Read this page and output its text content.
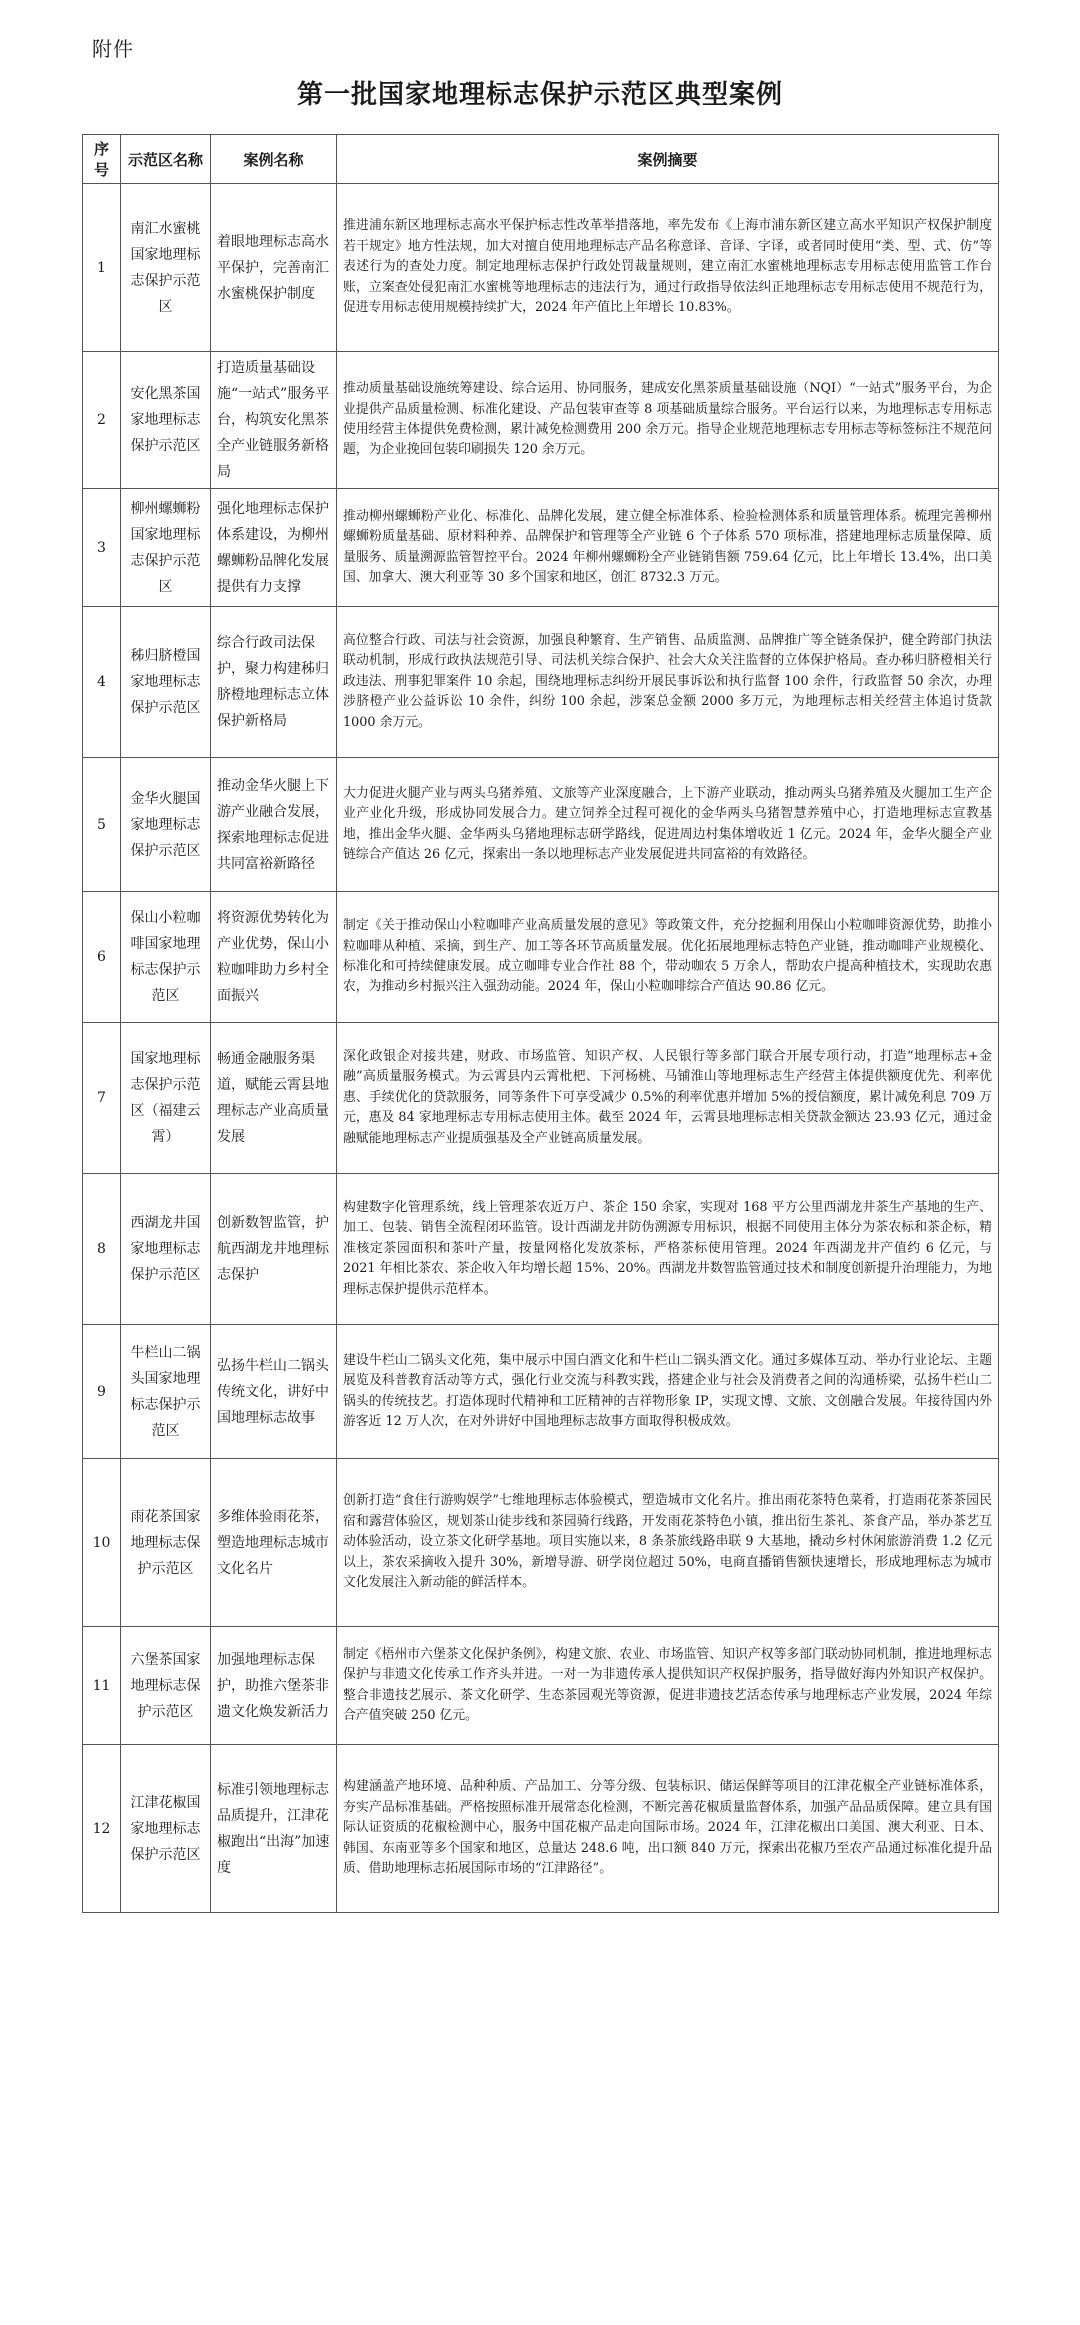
附件
第一批国家地理标志保护示范区典型案例
序号	示范区名称	案例名称	案例摘要
1	南汇水蜜桃国家地理标志保护示范区	着眼地理标志高水平保护，完善南汇水蜜桃保护制度	推进浦东新区地理标志高水平保护标志性改革举措落地，率先发布《上海市浦东新区建立高水平知识产权保护制度若干规定》地方性法规，加大对擅自使用地理标志产品名称意译、音译、字译，或者同时使用“类、型、式、仿”等表述行为的查处力度。制定地理标志保护行政处罚裁量规则，建立南汇水蜜桃地理标志专用标志使用监管工作台账，立案查处侵犯南汇水蜜桃等地理标志的违法行为，通过行政指导依法纠正地理标志专用标志使用不规范行为，促进专用标志使用规模持续扩大，2024 年产值比上年增长 10.83%。
2	安化黑茶国家地理标志保护示范区	打造质量基础设施“一站式”服务平台，构筑安化黑茶全产业链服务新格局	推动质量基础设施统筹建设、综合运用、协同服务，建成安化黑茶质量基础设施（NQI）“一站式”服务平台，为企业提供产品质量检测、标准化建设、产品包装审查等 8 项基础质量综合服务。平台运行以来，为地理标志专用标志使用经营主体提供免费检测，累计减免检测费用 200 余万元。指导企业规范地理标志专用标志等标签标注不规范问题，为企业挽回包装印刷损失 120 余万元。
3	柳州螺蛳粉国家地理标志保护示范区	强化地理标志保护体系建设，为柳州螺蛳粉品牌化发展提供有力支撑	推动柳州螺蛳粉产业化、标准化、品牌化发展，建立健全标准体系、检验检测体系和质量管理体系。梳理完善柳州螺蛳粉质量基础、原材料种养、品牌保护和管理等全产业链 6 个子体系 570 项标准，搭建地理标志质量保障、质量服务、质量溯源监管智控平台。2024 年柳州螺蛳粉全产业链销售额 759.64 亿元，比上年增长 13.4%，出口美国、加拿大、澳大利亚等 30 多个国家和地区，创汇 8732.3 万元。
4	秭归脐橙国家地理标志保护示范区	综合行政司法保护，聚力构建秭归脐橙地理标志立体保护新格局	高位整合行政、司法与社会资源，加强良种繁育、生产销售、品质监测、品牌推广等全链条保护，健全跨部门执法联动机制，形成行政执法规范引导、司法机关综合保护、社会大众关注监督的立体保护格局。查办秭归脐橙相关行政违法、刑事犯罪案件 10 余起，围绕地理标志纠纷开展民事诉讼和执行监督 100 余件，行政监督 50 余次，办理涉脐橙产业公益诉讼 10 余件，纠纷 100 余起，涉案总金额 2000 多万元，为地理标志相关经营主体追讨货款 1000 余万元。
5	金华火腿国家地理标志保护示范区	推动金华火腿上下游产业融合发展，探索地理标志促进共同富裕新路径	大力促进火腿产业与两头乌猪养殖、文旅等产业深度融合，上下游产业联动，推动两头乌猪养殖及火腿加工生产企业产业化升级，形成协同发展合力。建立饲养全过程可视化的金华两头乌猪智慧养殖中心，打造地理标志宣教基地，推出金华火腿、金华两头乌猪地理标志研学路线，促进周边村集体增收近 1 亿元。2024 年，金华火腿全产业链综合产值达 26 亿元，探索出一条以地理标志产业发展促进共同富裕的有效路径。
6	保山小粒咖啡国家地理标志保护示范区	将资源优势转化为产业优势，保山小粒咖啡助力乡村全面振兴	制定《关于推动保山小粒咖啡产业高质量发展的意见》等政策文件，充分挖掘利用保山小粒咖啡资源优势，助推小粒咖啡从种植、采摘，到生产、加工等各环节高质量发展。优化拓展地理标志特色产业链，推动咖啡产业规模化、标准化和可持续健康发展。成立咖啡专业合作社 88 个，带动咖农 5 万余人，帮助农户提高种植技术，实现助农惠农，为推动乡村振兴注入强劲动能。2024 年，保山小粒咖啡综合产值达 90.86 亿元。
7	国家地理标志保护示范区（福建云霄）	畅通金融服务渠道，赋能云霄县地理标志产业高质量发展	深化政银企对接共建，财政、市场监管、知识产权、人民银行等多部门联合开展专项行动，打造“地理标志+金融”高质量服务模式。为云霄县内云霄枇杷、下河杨桃、马铺淮山等地理标志生产经营主体提供额度优先、利率优惠、手续优化的贷款服务，同等条件下可享受减少 0.5%的利率优惠并增加 5%的授信额度，累计减免利息 709 万元，惠及 84 家地理标志专用标志使用主体。截至 2024 年，云霄县地理标志相关贷款金额达 23.93 亿元，通过金融赋能地理标志产业提质强基及全产业链高质量发展。
8	西湖龙井国家地理标志保护示范区	创新数智监管，护航西湖龙井地理标志保护	构建数字化管理系统，线上管理茶农近万户、茶企 150 余家，实现对 168 平方公里西湖龙井茶生产基地的生产、加工、包装、销售全流程闭环监管。设计西湖龙井防伪溯源专用标识，根据不同使用主体分为茶农标和茶企标，精准核定茶园面积和茶叶产量，按量网格化发放茶标，严格茶标使用管理。2024 年西湖龙井产值约 6 亿元，与 2021 年相比茶农、茶企收入年均增长超 15%、20%。西湖龙井数智监管通过技术和制度创新提升治理能力，为地理标志保护提供示范样本。
9	牛栏山二锅头国家地理标志保护示范区	弘扬牛栏山二锅头传统文化，讲好中国地理标志故事	建设牛栏山二锅头文化苑，集中展示中国白酒文化和牛栏山二锅头酒文化。通过多媒体互动、举办行业论坛、主题展览及科普教育活动等方式，强化行业交流与科教实践，搭建企业与社会及消费者之间的沟通桥梁，弘扬牛栏山二锅头的传统技艺。打造体现时代精神和工匠精神的吉祥物形象 IP，实现文博、文旅、文创融合发展。年接待国内外游客近 12 万人次，在对外讲好中国地理标志故事方面取得积极成效。
10	雨花茶国家地理标志保护示范区	多维体验雨花茶，塑造地理标志城市文化名片	创新打造“食住行游购娱学”七维地理标志体验模式，塑造城市文化名片。推出雨花茶特色菜肴，打造雨花茶茶园民宿和露营体验区，规划茶山徒步线和茶园骑行线路，开发雨花茶特色小镇，推出衍生茶礼、茶食产品，举办茶艺互动体验活动，设立茶文化研学基地。项目实施以来，8 条茶旅线路串联 9 大基地，撬动乡村休闲旅游消费 1.2 亿元以上，茶农采摘收入提升 30%，新增导游、研学岗位超过 50%，电商直播销售额快速增长，形成地理标志为城市文化发展注入新动能的鲜活样本。
11	六堡茶国家地理标志保护示范区	加强地理标志保护，助推六堡茶非遗文化焕发新活力	制定《梧州市六堡茶文化保护条例》，构建文旅、农业、市场监管、知识产权等多部门联动协同机制，推进地理标志保护与非遗文化传承工作齐头并进。一对一为非遗传承人提供知识产权保护服务，指导做好海内外知识产权保护。整合非遗技艺展示、茶文化研学、生态茶园观光等资源，促进非遗技艺活态传承与地理标志产业发展，2024 年综合产值突破 250 亿元。
12	江津花椒国家地理标志保护示范区	标准引领地理标志品质提升，江津花椒跑出“出海”加速度	构建涵盖产地环境、品种种质、产品加工、分等分级、包装标识、储运保鲜等项目的江津花椒全产业链标准体系，夯实产品标准基础。严格按照标准开展常态化检测，不断完善花椒质量监督体系，加强产品品质保障。建立具有国际认证资质的花椒检测中心，服务中国花椒产品走向国际市场。2024 年，江津花椒出口美国、澳大利亚、日本、韩国、东南亚等多个国家和地区，总量达 248.6 吨，出口额 840 万元，探索出花椒乃至农产品通过标准化提升品质、借助地理标志拓展国际市场的“江津路径”。
